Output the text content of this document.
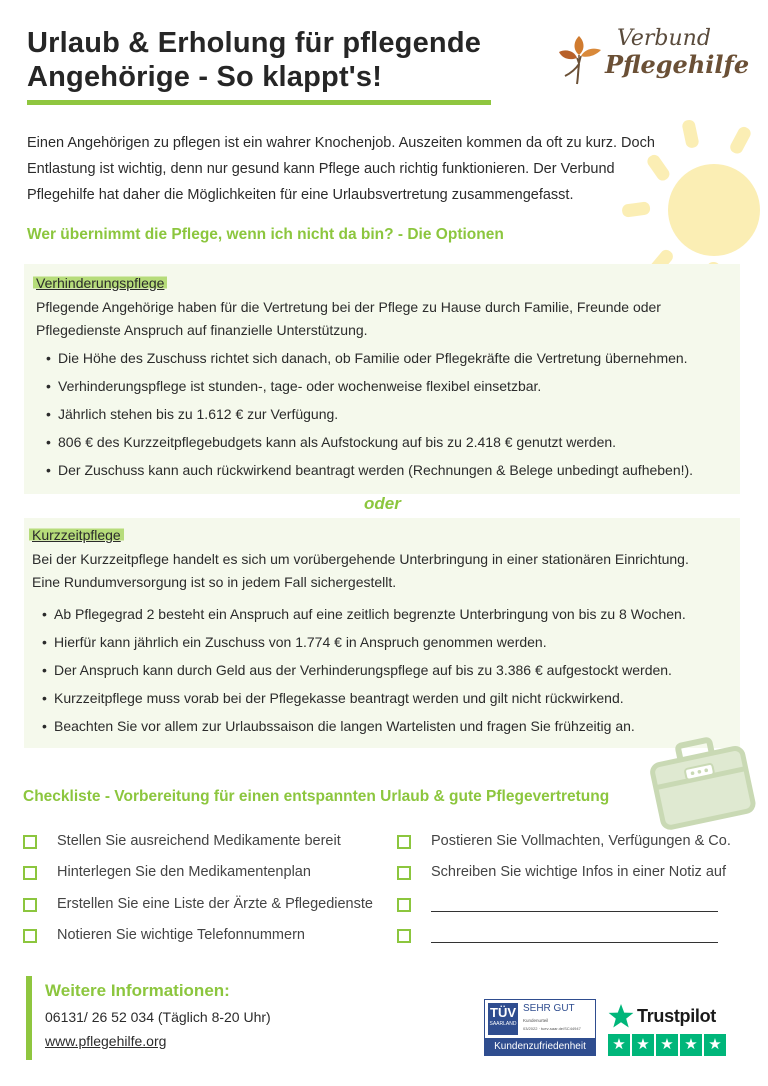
Urlaub & Erholung für pflegende
Angehörige - So klappt's!
Verbund
Pflegehilfe
Einen Angehörigen zu pflegen ist ein wahrer Knochenjob. Auszeiten kommen da oft zu kurz. Doch
Entlastung ist wichtig, denn nur gesund kann Pflege auch richtig funktionieren. Der Verbund
Pflegehilfe hat daher die Möglichkeiten für eine Urlaubsvertretung zusammengefasst.
Wer übernimmt die Pflege, wenn ich nicht da bin? - Die Optionen
Verhinderungspflege
Pflegende Angehörige haben für die Vertretung bei der Pflege zu Hause durch Familie, Freunde oder
Pflegedienste Anspruch auf finanzielle Unterstützung.
• Die Höhe des Zuschuss richtet sich danach, ob Familie oder Pflegekräfte die Vertretung übernehmen.
• Verhinderungspflege ist stunden-, tage- oder wochenweise flexibel einsetzbar.
• Jährlich stehen bis zu 1.612 € zur Verfügung.
• 806 € des Kurzzeitpflegebudgets kann als Aufstockung auf bis zu 2.418 € genutzt werden.
• Der Zuschuss kann auch rückwirkend beantragt werden (Rechnungen & Belege unbedingt aufheben!).
oder
Kurzzeitpflege
Bei der Kurzzeitpflege handelt es sich um vorübergehende Unterbringung in einer stationären Einrichtung.
Eine Rundumversorgung ist so in jedem Fall sichergestellt.
• Ab Pflegegrad 2 besteht ein Anspruch auf eine zeitlich begrenzte Unterbringung von bis zu 8 Wochen.
• Hierfür kann jährlich ein Zuschuss von 1.774 € in Anspruch genommen werden.
• Der Anspruch kann durch Geld aus der Verhinderungspflege auf bis zu 3.386 € aufgestockt werden.
• Kurzzeitpflege muss vorab bei der Pflegekasse beantragt werden und gilt nicht rückwirkend.
• Beachten Sie vor allem zur Urlaubssaison die langen Wartelisten und fragen Sie frühzeitig an.
Checkliste - Vorbereitung für einen entspannten Urlaub & gute Pflegevertretung
Stellen Sie ausreichend Medikamente bereit
Hinterlegen Sie den Medikamentenplan
Erstellen Sie eine Liste der Ärzte & Pflegedienste
Notieren Sie wichtige Telefonnummern
Postieren Sie Vollmachten, Verfügungen & Co.
Schreiben Sie wichtige Infos in einer Notiz auf
Weitere Informationen:
06131/ 26 52 034 (Täglich 8-20 Uhr)
www.pflegehilfe.org
TÜV
SAARLAND
SEHR GUT
Kundenurteil
03/2022 · tuev-saar.de/SC44947
Kundenzufriedenheit
Trustpilot
★ ★ ★ ★ ★
